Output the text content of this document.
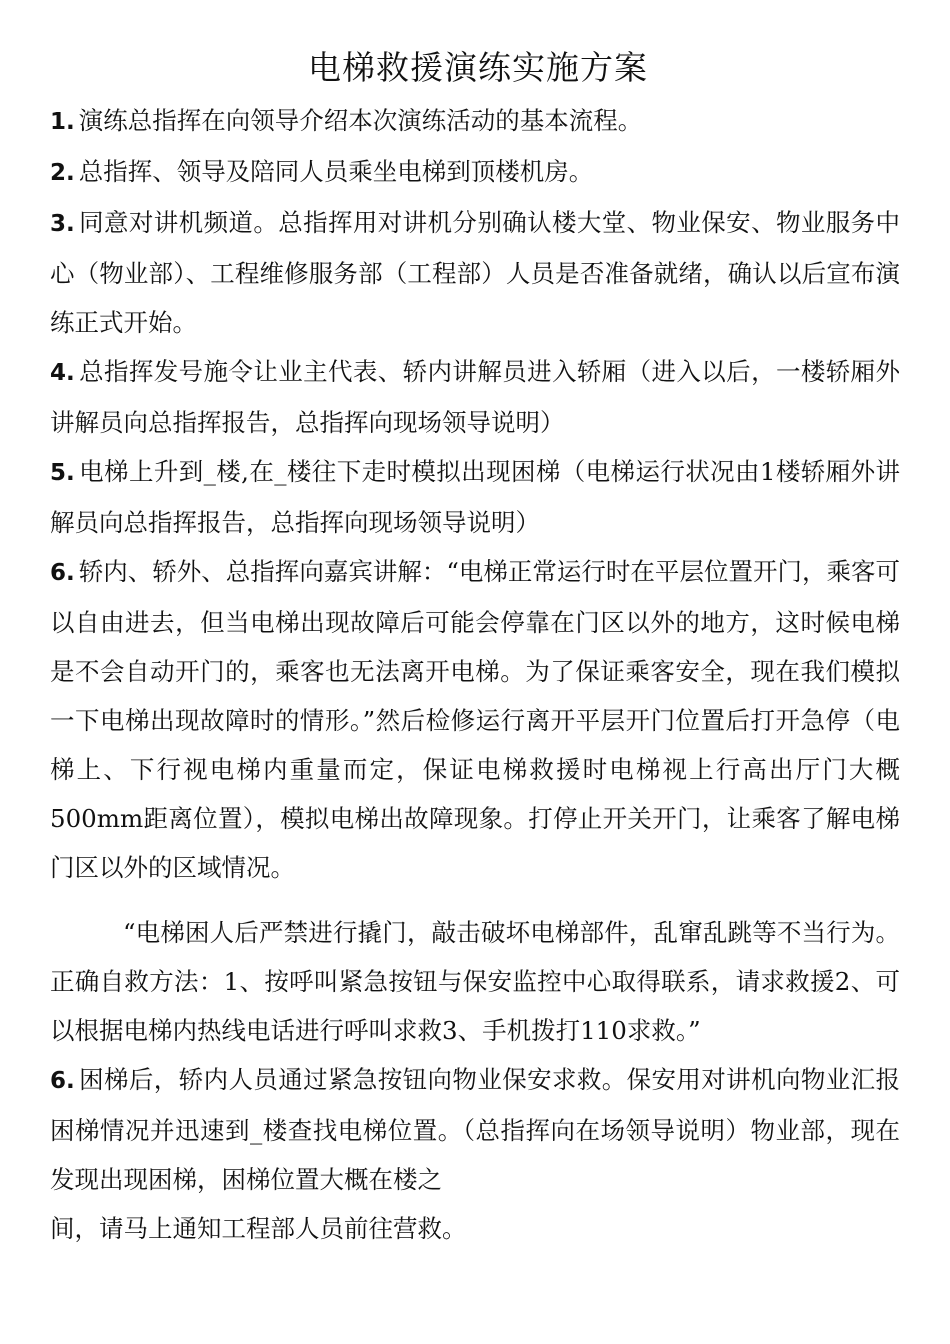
电梯救援演练实施方案

1. 演练总指挥在向领导介绍本次演练活动的基本流程。

2. 总指挥、领导及陪同人员乘坐电梯到顶楼机房。

3. 同意对讲机频道。总指挥用对讲机分别确认楼大堂、物业保安、物业服务中心（物业部）、工程维修服务部（工程部）人员是否准备就绪，确认以后宣布演练正式开始。

4. 总指挥发号施令让业主代表、轿内讲解员进入轿厢（进入以后，一楼轿厢外讲解员向总指挥报告，总指挥向现场领导说明）

5. 电梯上升到_楼,在_楼往下走时模拟出现困梯（电梯运行状况由1楼轿厢外讲解员向总指挥报告，总指挥向现场领导说明）

6. 轿内、轿外、总指挥向嘉宾讲解：“电梯正常运行时在平层位置开门，乘客可以自由进去，但当电梯出现故障后可能会停靠在门区以外的地方，这时候电梯是不会自动开门的，乘客也无法离开电梯。为了保证乘客安全，现在我们模拟一下电梯出现故障时的情形。”然后检修运行离开平层开门位置后打开急停（电梯上、下行视电梯内重量而定，保证电梯救援时电梯视上行高出厅门大概500mm距离位置），模拟电梯出故障现象。打停止开关开门，让乘客了解电梯门区以外的区域情况。

“电梯困人后严禁进行撬门，敲击破坏电梯部件，乱窜乱跳等不当行为。正确自救方法：1、按呼叫紧急按钮与保安监控中心取得联系，请求救援2、可以根据电梯内热线电话进行呼叫求救3、手机拨打110求救。”

6. 困梯后，轿内人员通过紧急按钮向物业保安求救。保安用对讲机向物业汇报困梯情况并迅速到_楼查找电梯位置。（总指挥向在场领导说明）物业部，现在发现出现困梯，困梯位置大概在楼之

间，请马上通知工程部人员前往营救。
